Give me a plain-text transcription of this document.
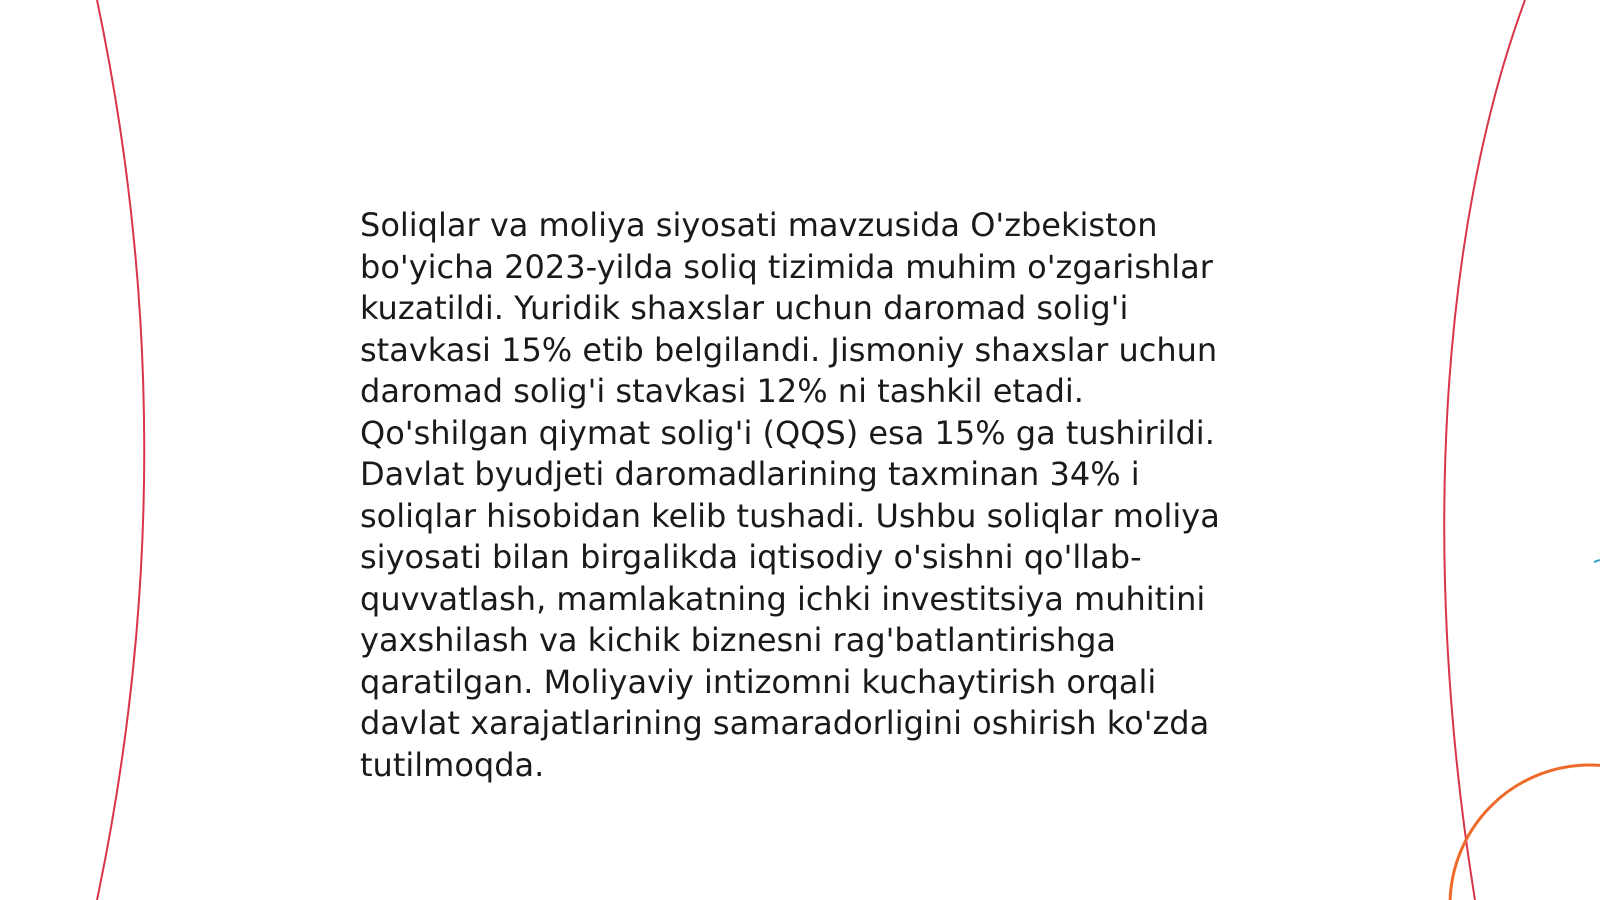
Soliqlar va moliya siyosati mavzusida O'zbekiston
bo'yicha 2023-yilda soliq tizimida muhim o'zgarishlar
kuzatildi. Yuridik shaxslar uchun daromad solig'i
stavkasi 15% etib belgilandi. Jismoniy shaxslar uchun
daromad solig'i stavkasi 12% ni tashkil etadi.
Qo'shilgan qiymat solig'i (QQS) esa 15% ga tushirildi.
Davlat byudjeti daromadlarining taxminan 34% i
soliqlar hisobidan kelib tushadi. Ushbu soliqlar moliya
siyosati bilan birgalikda iqtisodiy o'sishni qo'llab-
quvvatlash, mamlakatning ichki investitsiya muhitini
yaxshilash va kichik biznesni rag'batlantirishga
qaratilgan. Moliyaviy intizomni kuchaytirish orqali
davlat xarajatlarining samaradorligini oshirish ko'zda
tutilmoqda.
